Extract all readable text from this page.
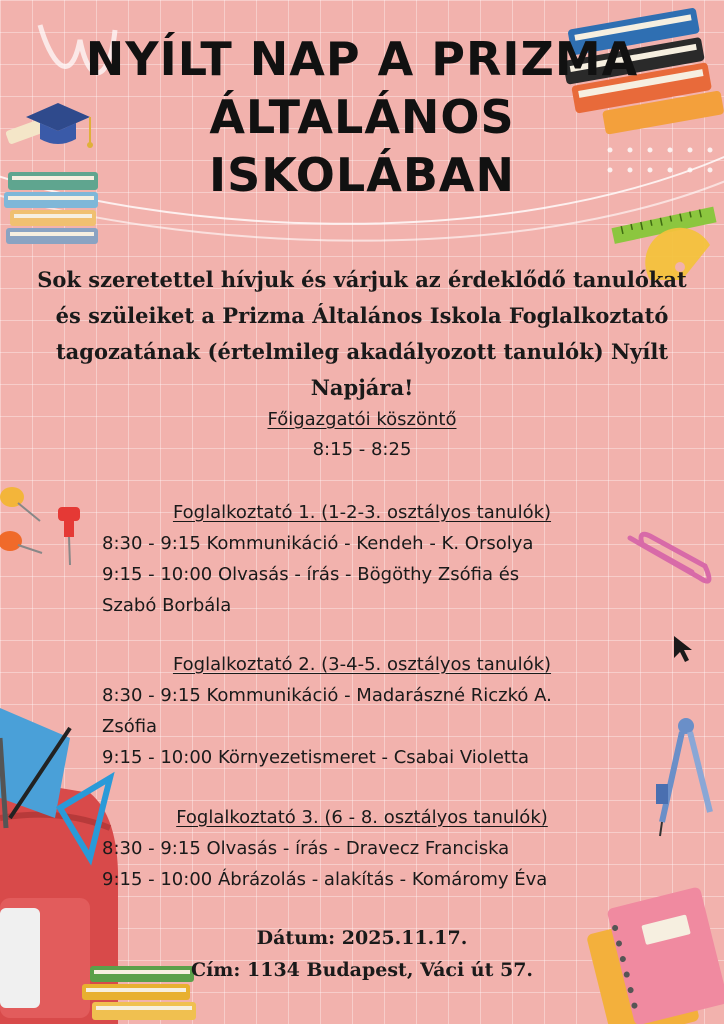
NYÍLT NAP A PRIZMA
ÁLTALÁNOS
ISKOLÁBAN

Sok szeretettel hívjuk és várjuk az érdeklődő tanulókat
és szüleiket a Prizma Általános Iskola Foglalkoztató
tagozatának (értelmileg akadályozott tanulók) Nyílt
Napjára!

Főigazgatói köszöntő
8:15 - 8:25
Foglalkoztató 1. (1-2-3. osztályos tanulók)
8:30 - 9:15 Kommunikáció - Kendeh - K. Orsolya
9:15 - 10:00 Olvasás - írás - Bögöthy Zsófia és
Szabó Borbála
Foglalkoztató 2. (3-4-5. osztályos tanulók)
8:30 - 9:15 Kommunikáció - Madarászné Riczkó A.
Zsófia
9:15 - 10:00 Környezetismeret - Csabai Violetta
Foglalkoztató 3. (6 - 8. osztályos tanulók)
8:30 - 9:15 Olvasás - írás - Dravecz Franciska
9:15 - 10:00 Ábrázolás - alakítás - Komáromy Éva
Dátum: 2025.11.17.
Cím: 1134 Budapest, Váci út 57.
